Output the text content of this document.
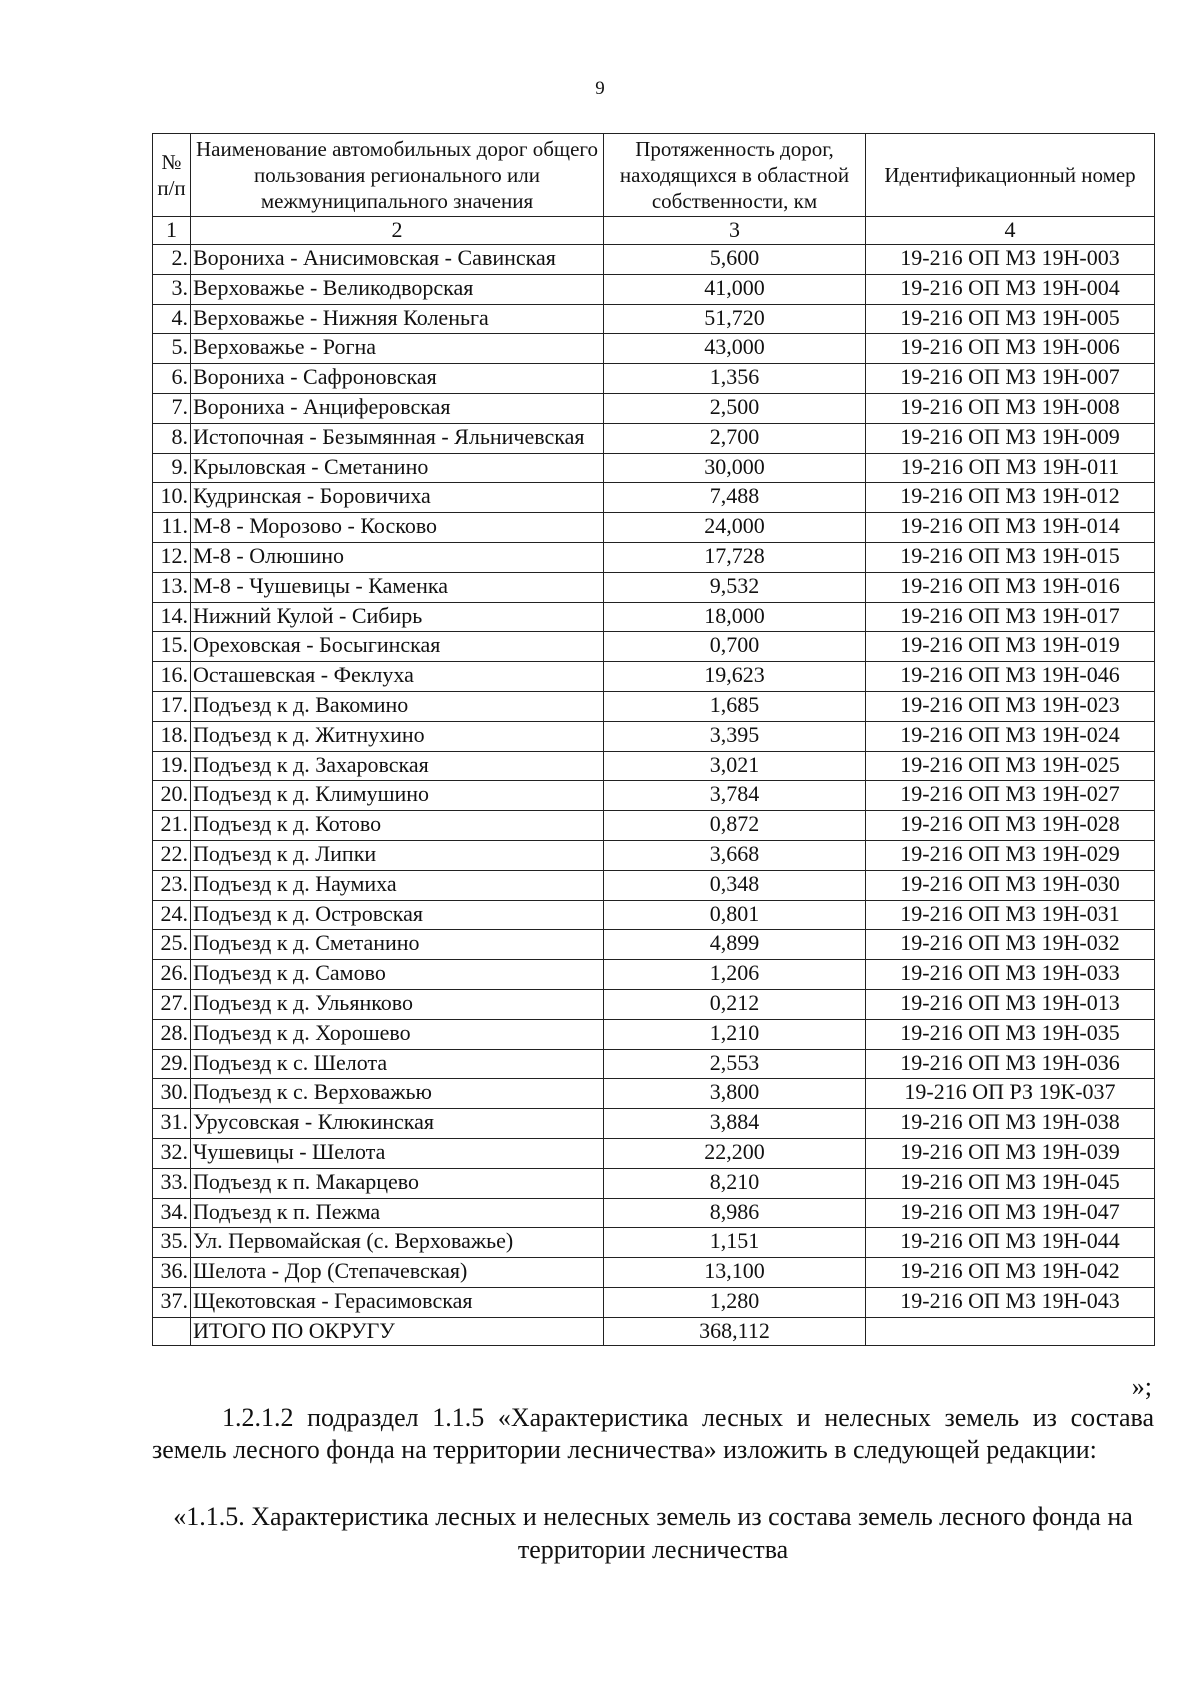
9
№ п/п	Наименование автомобильных дорог общего пользования регионального или межмуниципального значения	Протяженность дорог, находящихся в областной собственности, км	Идентификационный номер
1	2	3	4
2.	Ворониха - Анисимовская - Савинская	5,600	19-216 ОП МЗ 19Н-003
3.	Верховажье - Великодворская	41,000	19-216 ОП МЗ 19Н-004
4.	Верховажье - Нижняя Коленьга	51,720	19-216 ОП МЗ 19Н-005
5.	Верховажье - Рогна	43,000	19-216 ОП МЗ 19Н-006
6.	Ворониха - Сафроновская	1,356	19-216 ОП МЗ 19Н-007
7.	Ворониха - Анциферовская	2,500	19-216 ОП МЗ 19Н-008
8.	Истопочная - Безымянная - Яльничевская	2,700	19-216 ОП МЗ 19Н-009
9.	Крыловская - Сметанино	30,000	19-216 ОП МЗ 19Н-011
10.	Кудринская - Боровичиха	7,488	19-216 ОП МЗ 19Н-012
11.	М-8 - Морозово - Косково	24,000	19-216 ОП МЗ 19Н-014
12.	М-8 - Олюшино	17,728	19-216 ОП МЗ 19Н-015
13.	М-8 - Чушевицы - Каменка	9,532	19-216 ОП МЗ 19Н-016
14.	Нижний Кулой - Сибирь	18,000	19-216 ОП МЗ 19Н-017
15.	Ореховская - Босыгинская	0,700	19-216 ОП МЗ 19Н-019
16.	Осташевская - Феклуха	19,623	19-216 ОП МЗ 19Н-046
17.	Подъезд к д. Вакомино	1,685	19-216 ОП МЗ 19Н-023
18.	Подъезд к д. Житнухино	3,395	19-216 ОП МЗ 19Н-024
19.	Подъезд к д. Захаровская	3,021	19-216 ОП МЗ 19Н-025
20.	Подъезд к д. Климушино	3,784	19-216 ОП МЗ 19Н-027
21.	Подъезд к д. Котово	0,872	19-216 ОП МЗ 19Н-028
22.	Подъезд к д. Липки	3,668	19-216 ОП МЗ 19Н-029
23.	Подъезд к д. Наумиха	0,348	19-216 ОП МЗ 19Н-030
24.	Подъезд к д. Островская	0,801	19-216 ОП МЗ 19Н-031
25.	Подъезд к д. Сметанино	4,899	19-216 ОП МЗ 19Н-032
26.	Подъезд к д. Самово	1,206	19-216 ОП МЗ 19Н-033
27.	Подъезд к д. Ульянково	0,212	19-216 ОП МЗ 19Н-013
28.	Подъезд к д. Хорошево	1,210	19-216 ОП МЗ 19Н-035
29.	Подъезд к с. Шелота	2,553	19-216 ОП МЗ 19Н-036
30.	Подъезд к с. Верховажью	3,800	19-216 ОП РЗ 19К-037
31.	Урусовская - Клюкинская	3,884	19-216 ОП МЗ 19Н-038
32.	Чушевицы - Шелота	22,200	19-216 ОП МЗ 19Н-039
33.	Подъезд к п. Макарцево	8,210	19-216 ОП МЗ 19Н-045
34.	Подъезд к п. Пежма	8,986	19-216 ОП МЗ 19Н-047
35.	Ул. Первомайская (с. Верховажье)	1,151	19-216 ОП МЗ 19Н-044
36.	Шелота - Дор (Степачевская)	13,100	19-216 ОП МЗ 19Н-042
37.	Щекотовская - Герасимовская	1,280	19-216 ОП МЗ 19Н-043
	ИТОГО ПО ОКРУГУ	368,112	
»;
1.2.1.2 подраздел 1.1.5 «Характеристика лесных и нелесных земель из состава земель лесного фонда на территории лесничества» изложить в следующей редакции:
«1.1.5. Характеристика лесных и нелесных земель из состава земель лесного фонда на территории лесничества
